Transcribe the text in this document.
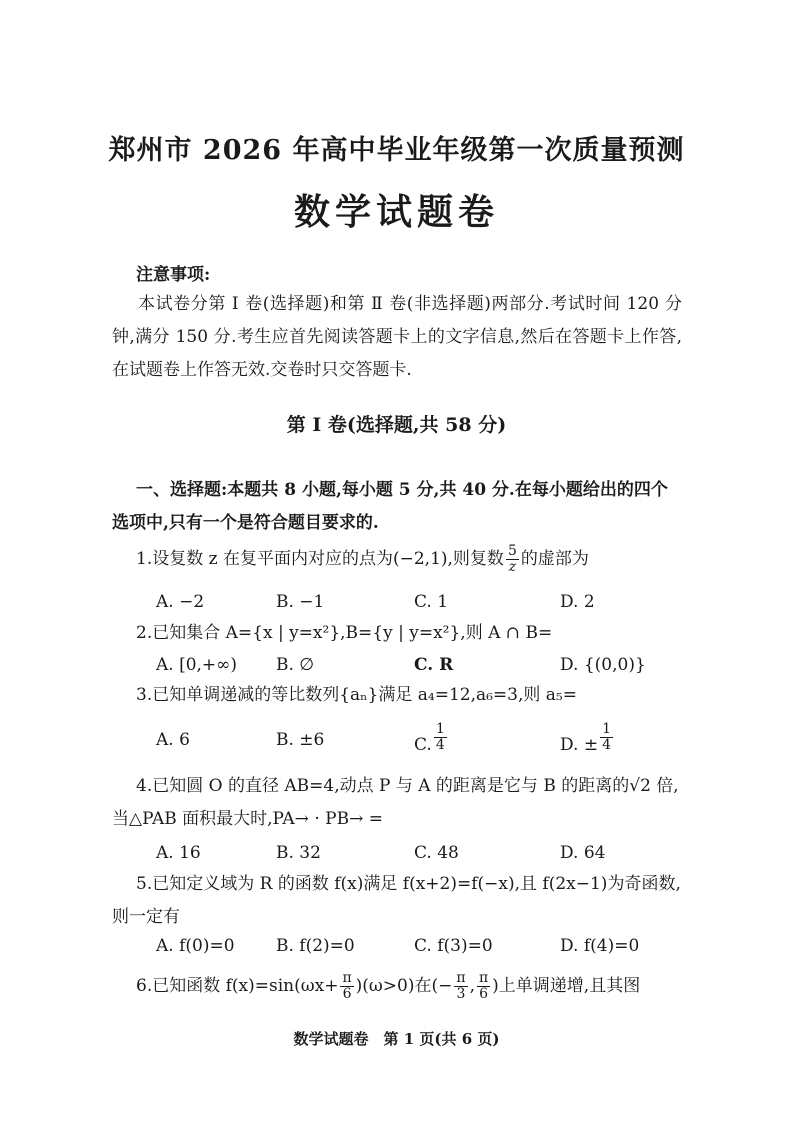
郑州市 2026 年高中毕业年级第一次质量预测
数学试题卷
注意事项:
本试卷分第 Ⅰ 卷(选择题)和第 Ⅱ 卷(非选择题)两部分.考试时间 120 分钟,满分 150 分.考生应首先阅读答题卡上的文字信息,然后在答题卡上作答,在试题卷上作答无效.交卷时只交答题卡.
第 Ⅰ 卷(选择题,共 58 分)
一、选择题:本题共 8 小题,每小题 5 分,共 40 分.在每小题给出的四个选项中,只有一个是符合题目要求的.
1.设复数 z 在复平面内对应的点为(−2,1),则复数 $\frac{5}{z}$ 的虚部为
A. −2	B. −1	C. 1	D. 2
2.已知集合 A={x | y=x²},B={y | y=x²},则 A ∩ B=
A. [0,+∞) B. ∅	C. R	D. {(0,0)}
3.已知单调递减的等比数列{aₙ}满足 a₄=12,a₆=3,则 a₅=
A. 6	B. ±6	C. $\frac{1}{4}$	D. ± $\frac{1}{4}$
4.已知圆 O 的直径 AB=4,动点 P 与 A 的距离是它与 B 的距离的√2 倍,当△PAB 面积最大时,PA→ · PB→ =
A. 16	B. 32	C. 48	D. 64
5.已知定义域为 R 的函数 f(x)满足 f(x+2)=f(−x),且 f(2x−1)为奇函数,则一定有
A. f(0)=0 B. f(2)=0	C. f(3)=0	D. f(4)=0
6.已知函数 $f(x)=\sin(\omega x+ \frac{\pi}{6} )(\omega>0)$在(− $\frac{\pi}{3}$ , $\frac{\pi}{6}$ )上单调递增,且其图
数学试题卷　第 1 页(共 6 页)
